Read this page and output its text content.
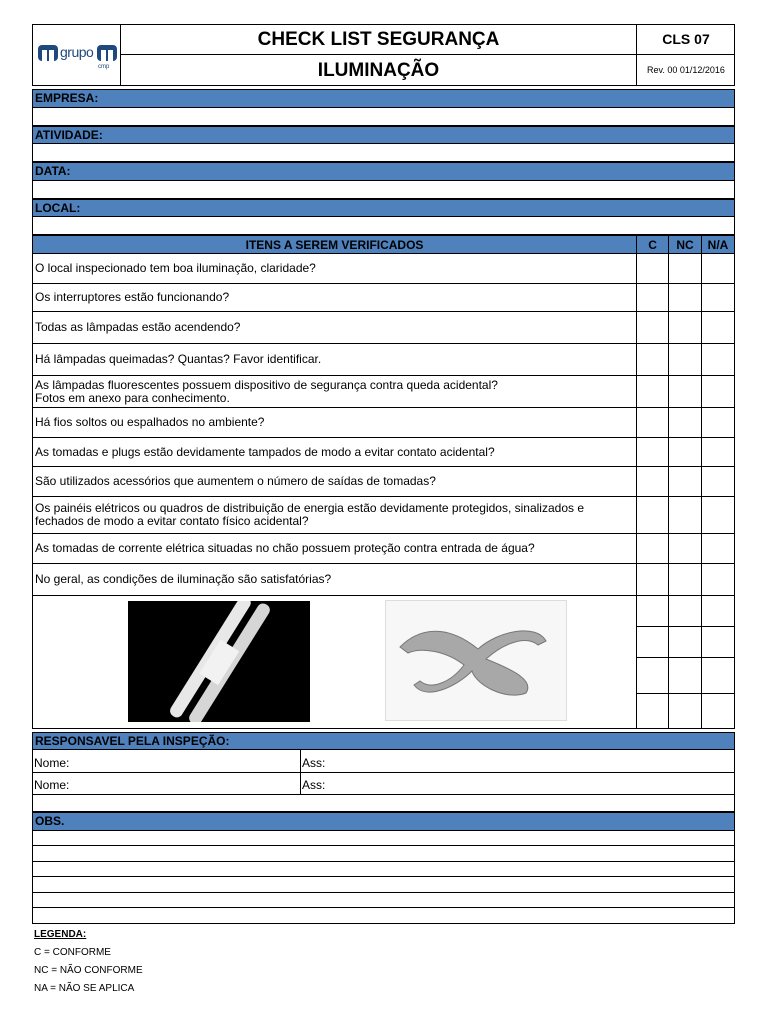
grupo
cmp
CHECK LIST SEGURANÇA
ILUMINAÇÃO
CLS 07
Rev. 00 01/12/2016
EMPRESA:
ATIVIDADE:
DATA:
LOCAL:
ITENS A SEREM VERIFICADOS	C	NC	N/A
O local inspecionado tem boa iluminação, claridade?			
Os interruptores estão funcionando?			
Todas as lâmpadas estão acendendo?			
Há lâmpadas queimadas? Quantas? Favor identificar.			
As lâmpadas fluorescentes possuem dispositivo de segurança contra queda acidental?
Fotos em anexo para conhecimento.			
Há fios soltos ou espalhados no ambiente?			
As tomadas e plugs estão devidamente tampados de modo a evitar contato acidental?			
São utilizados acessórios que aumentem o número de saídas de tomadas?			
Os painéis elétricos ou quadros de distribuição de energia estão devidamente protegidos, sinalizados e
fechados de modo a evitar contato físico acidental?			
As tomadas de corrente elétrica situadas no chão possuem proteção contra entrada de água?			
No geral, as condições de iluminação são satisfatórias?			

RESPONSAVEL PELA INSPEÇÃO:
Nome:	Ass:
Nome:	Ass:
OBS.
LEGENDA:
C = CONFORME
NC = NÃO CONFORME
NA = NÃO SE APLICA
